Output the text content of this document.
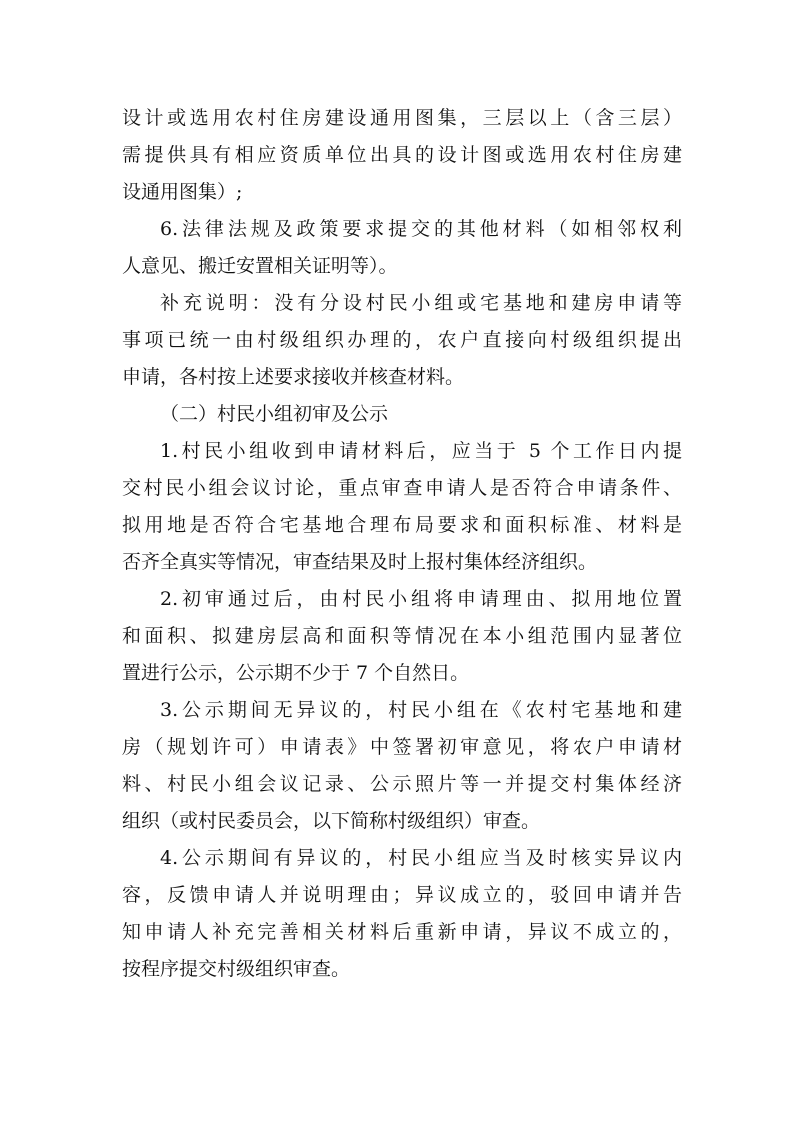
设计或选用农村住房建设通用图集，三层以上（含三层）
需提供具有相应资质单位出具的设计图或选用农村住房建
设通用图集）;
6.法律法规及政策要求提交的其他材料（如相邻权利
人意见、搬迁安置相关证明等）。
补充说明：没有分设村民小组或宅基地和建房申请等
事项已统一由村级组织办理的，农户直接向村级组织提出
申请，各村按上述要求接收并核查材料。
（二）村民小组初审及公示
1.村民小组收到申请材料后，应当于 5 个工作日内提
交村民小组会议讨论，重点审查申请人是否符合申请条件、
拟用地是否符合宅基地合理布局要求和面积标准、材料是
否齐全真实等情况，审查结果及时上报村集体经济组织。
2.初审通过后，由村民小组将申请理由、拟用地位置
和面积、拟建房层高和面积等情况在本小组范围内显著位
置进行公示，公示期不少于 7 个自然日。
3.公示期间无异议的，村民小组在《农村宅基地和建
房（规划许可）申请表》中签署初审意见，将农户申请材
料、村民小组会议记录、公示照片等一并提交村集体经济
组织（或村民委员会，以下简称村级组织）审查。
4.公示期间有异议的，村民小组应当及时核实异议内
容，反馈申请人并说明理由；异议成立的，驳回申请并告
知申请人补充完善相关材料后重新申请，异议不成立的，
按程序提交村级组织审查。
